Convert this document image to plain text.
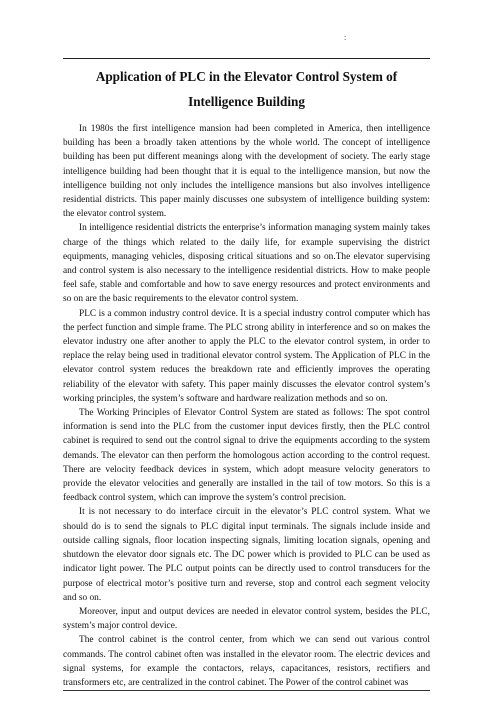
:
Application of PLC in the Elevator Control System of
Intelligence Building

In 1980s the first intelligence mansion had been completed in America, then intelligence building has been a broadly taken attentions by the whole world. The concept of intelligence building has been put different meanings along with the development of society. The early stage intelligence building had been thought that it is equal to the intelligence mansion, but now the intelligence building not only includes the intelligence mansions but also involves intelligence residential districts. This paper mainly discusses one subsystem of intelligence building system: the elevator control system.

In intelligence residential districts the enterprise’s information managing system mainly takes charge of the things which related to the daily life, for example supervising the district equipments, managing vehicles, disposing critical situations and so on.The elevator supervising and control system is also necessary to the intelligence residential districts. How to make people feel safe, stable and comfortable and how to save energy resources and protect environments and so on are the basic requirements to the elevator control system.

PLC is a common industry control device. It is a special industry control computer which has the perfect function and simple frame. The PLC strong ability in interference and so on makes the elevator industry one after another to apply the PLC to the elevator control system, in order to replace the relay being used in traditional elevator control system. The Application of PLC in the elevator control system reduces the breakdown rate and efficiently improves the operating reliability of the elevator with safety. This paper mainly discusses the elevator control system’s working principles, the system’s software and hardware realization methods and so on.

The Working Principles of Elevator Control System are stated as follows: The spot control information is send into the PLC from the customer input devices firstly, then the PLC control cabinet is required to send out the control signal to drive the equipments according to the system demands. The elevator can then perform the homologous action according to the control request. There are velocity feedback devices in system, which adopt measure velocity generators to provide the elevator velocities and generally are installed in the tail of tow motors. So this is a feedback control system, which can improve the system’s control precision.

It is not necessary to do interface circuit in the elevator’s PLC control system. What we should do is to send the signals to PLC digital input terminals. The signals include inside and outside calling signals, floor location inspecting signals, limiting location signals, opening and shutdown the elevator door signals etc. The DC power which is provided to PLC can be used as indicator light power. The PLC output points can be directly used to control transducers for the purpose of electrical motor’s positive turn and reverse, stop and control each segment velocity and so on.

Moreover, input and output devices are needed in elevator control system, besides the PLC, system’s major control device.

The control cabinet is the control center, from which we can send out various control commands. The control cabinet often was installed in the elevator room. The electric devices and signal systems, for example the contactors, relays, capacitances, resistors, rectifiers and transformers etc, are centralized in the control cabinet. The Power of the control cabinet was
